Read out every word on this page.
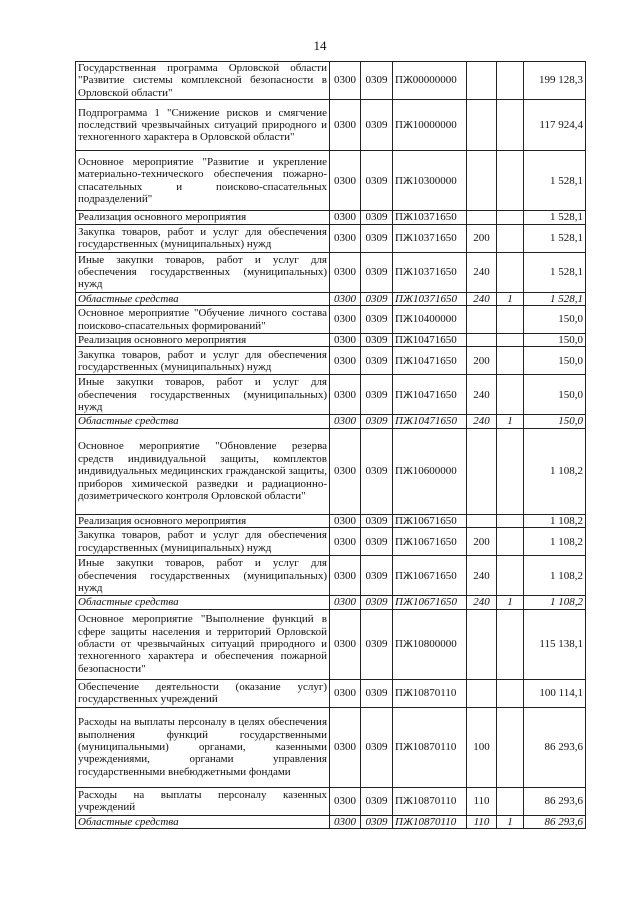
14
Государственная программа Орловской области "Развитие системы комплексной безопасности в Орловской области"	0300	0309	ПЖ00000000			199 128,3
Подпрограмма 1 "Снижение рисков и смягчение последствий чрезвычайных ситуаций природного и техногенного характера в Орловской области"	0300	0309	ПЖ10000000			117 924,4
Основное мероприятие "Развитие и укрепление материально-технического обеспечения пожарно-спасательных и поисково-спасательных подразделений"	0300	0309	ПЖ10300000			1 528,1
Реализация основного мероприятия	0300	0309	ПЖ10371650			1 528,1
Закупка товаров, работ и услуг для обеспечения государственных (муниципальных) нужд	0300	0309	ПЖ10371650	200		1 528,1
Иные закупки товаров, работ и услуг для обеспечения государственных (муниципальных) нужд	0300	0309	ПЖ10371650	240		1 528,1
Областные средства	0300	0309	ПЖ10371650	240	1	1 528,1
Основное мероприятие "Обучение личного состава поисково-спасательных формирований"	0300	0309	ПЖ10400000			150,0
Реализация основного мероприятия	0300	0309	ПЖ10471650			150,0
Закупка товаров, работ и услуг для обеспечения государственных (муниципальных) нужд	0300	0309	ПЖ10471650	200		150,0
Иные закупки товаров, работ и услуг для обеспечения государственных (муниципальных) нужд	0300	0309	ПЖ10471650	240		150,0
Областные средства	0300	0309	ПЖ10471650	240	1	150,0
Основное мероприятие "Обновление резерва средств индивидуальной защиты, комплектов индивидуальных медицинских гражданской защиты, приборов химической разведки и радиационно-дозиметрического контроля Орловской области"	0300	0309	ПЖ10600000			1 108,2
Реализация основного мероприятия	0300	0309	ПЖ10671650			1 108,2
Закупка товаров, работ и услуг для обеспечения государственных (муниципальных) нужд	0300	0309	ПЖ10671650	200		1 108,2
Иные закупки товаров, работ и услуг для обеспечения государственных (муниципальных) нужд	0300	0309	ПЖ10671650	240		1 108,2
Областные средства	0300	0309	ПЖ10671650	240	1	1 108,2
Основное мероприятие "Выполнение функций в сфере защиты населения и территорий Орловской области от чрезвычайных ситуаций природного и техногенного характера и обеспечения пожарной безопасности"	0300	0309	ПЖ10800000			115 138,1
Обеспечение деятельности (оказание услуг) государственных учреждений	0300	0309	ПЖ10870110			100 114,1
Расходы на выплаты персоналу в целях обеспечения выполнения функций государственными (муниципальными) органами, казенными учреждениями, органами управления государственными внебюджетными фондами	0300	0309	ПЖ10870110	100		86 293,6
Расходы на выплаты персоналу казенных учреждений	0300	0309	ПЖ10870110	110		86 293,6
Областные средства	0300	0309	ПЖ10870110	110	1	86 293,6
